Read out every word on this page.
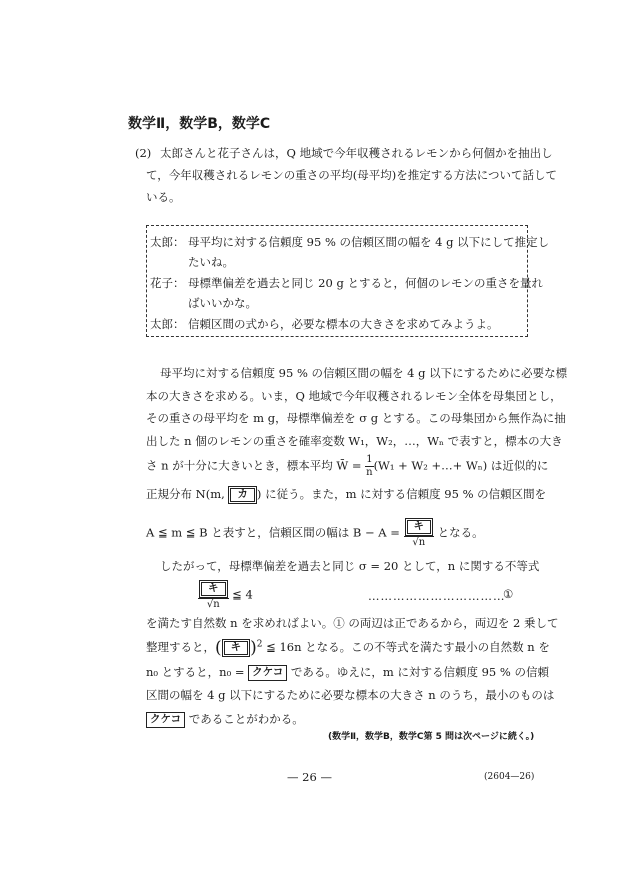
数学Ⅱ，数学B，数学C
(2) 太郎さんと花子さんは，Q 地域で今年収穫されるレモンから何個かを抽出し
て，今年収穫されるレモンの重さの平均(母平均)を推定する方法について話して
いる。
太郎： 母平均に対する信頼度 95 % の信頼区間の幅を 4 g 以下にして推定し
たいね。
花子： 母標準偏差を過去と同じ 20 g とすると，何個のレモンの重さを量れ
ばいいかな。
太郎： 信頼区間の式から，必要な標本の大きさを求めてみようよ。
母平均に対する信頼度 95 % の信頼区間の幅を 4 g 以下にするために必要な標
本の大きさを求める。いま，Q 地域で今年収穫されるレモン全体を母集団とし，
その重さの母平均を m g，母標準偏差を σ g とする。この母集団から無作為に抽
出した n 個のレモンの重さを確率変数 W₁，W₂，…，Wₙ で表すと，標本の大き
さ n が十分に大きいとき，標本平均 W̄ = $\frac{1}{n} (W_1 + W_2$ +…+ Wₙ) は近似的に
正規分布 N(m, カ ) に従う。また，m に対する信頼度 95 % の信頼区間を
A ≦ m ≦ B と表すと，信頼区間の幅は $B - A = \frac{\text{キ}}{√n}$ となる。
したがって，母標準偏差を過去と同じ σ = 20 として，n に関する不等式
$\frac{\text{キ}}{√n}$ ≦ 4	……………………………
①
を満たす自然数 n を求めればよい。① の両辺は正であるから，両辺を 2 乗して
整理すると，( キ )$^2$ ≦ 16n となる。この不等式を満たす最小の自然数 n を
n₀ とすると，n₀ = クケコ である。ゆえに，m に対する信頼度 95 % の信頼
区間の幅を 4 g 以下にするために必要な標本の大きさ n のうち，最小のものは
クケコ であることがわかる。
(数学Ⅱ，数学B，数学C第 5 問は次ページに続く。)
— 26 —	(2604—26)
